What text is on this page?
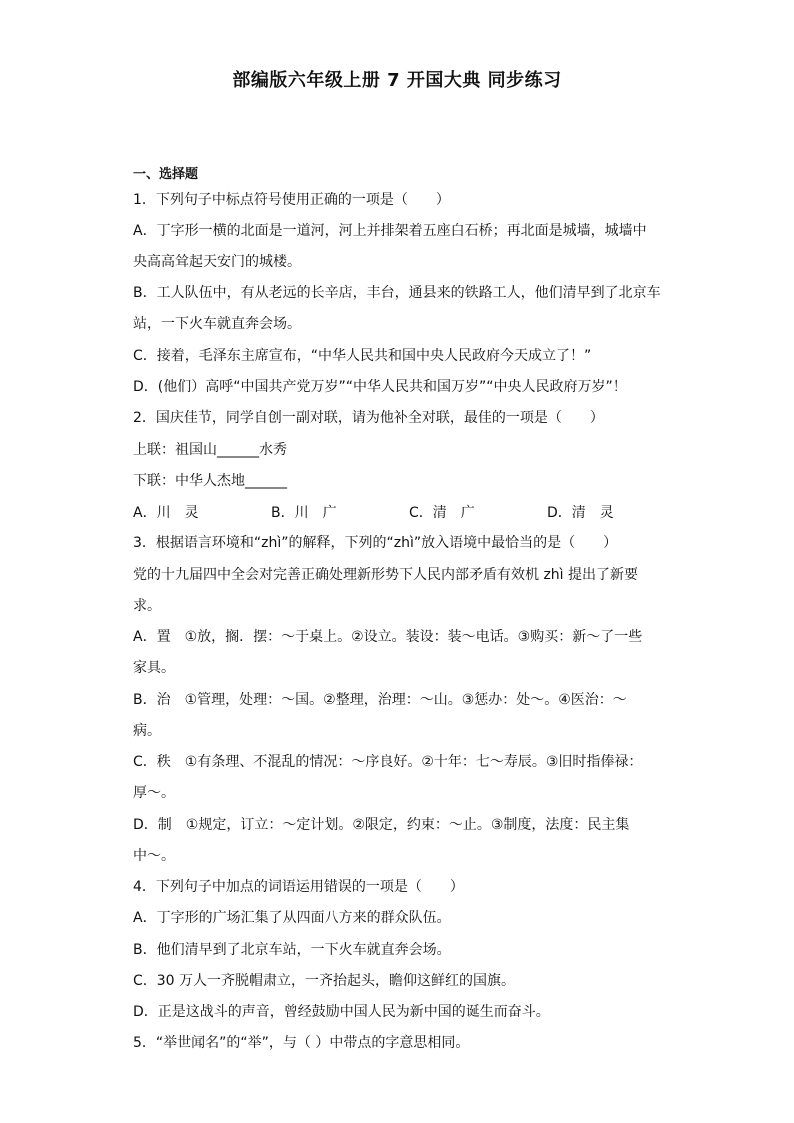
部编版六年级上册 7 开国大典 同步练习
一、选择题
1．下列句子中标点符号使用正确的一项是（　　）
A．丁字形一横的北面是一道河，河上并排架着五座白石桥；再北面是城墙，城墙中
央高高耸起天安门的城楼。
B．工人队伍中，有从老远的长辛店，丰台，通县来的铁路工人，他们清早到了北京车
站，一下火车就直奔会场。
C．接着，毛泽东主席宣布，“中华人民共和国中央人民政府今天成立了！”
D．(他们）高呼“中国共产党万岁”“中华人民共和国万岁”“中央人民政府万岁”！
2．国庆佳节，同学自创一副对联，请为他补全对联，最佳的一项是（　　）
上联：祖国山______水秀
下联：中华人杰地______
A．川　灵	B．川　广	C．清　广	D．清　灵
3．根据语言环境和“zhì”的解释，下列的“zhì”放入语境中最恰当的是（　　）
党的十九届四中全会对完善正确处理新形势下人民内部矛盾有效机 zhì 提出了新要
求。
A．置　①放，搁．摆：～于桌上。②设立。装设：装～电话。③购买：新～了一些
家具。
B．治　①管理，处理：～国。②整理，治理：～山。③惩办：处～。④医治：～
病。
C．秩　①有条理、不混乱的情况：～序良好。②十年：七～寿辰。③旧时指俸禄：
厚～。
D．制　①规定，订立：～定计划。②限定，约束：～止。③制度，法度：民主集
中～。
4．下列句子中加点的词语运用错误的一项是（　　）
A．丁字形的广场汇集了从四面八方来的群众队伍。
B．他们清早到了北京车站，一下火车就直奔会场。
C．30 万人一齐脱帽肃立，一齐抬起头，瞻仰这鲜红的国旗。
D．正是这战斗的声音，曾经鼓励中国人民为新中国的诞生而奋斗。
5．“举世闻名”的“举”，与（ ）中带点的字意思相同。
